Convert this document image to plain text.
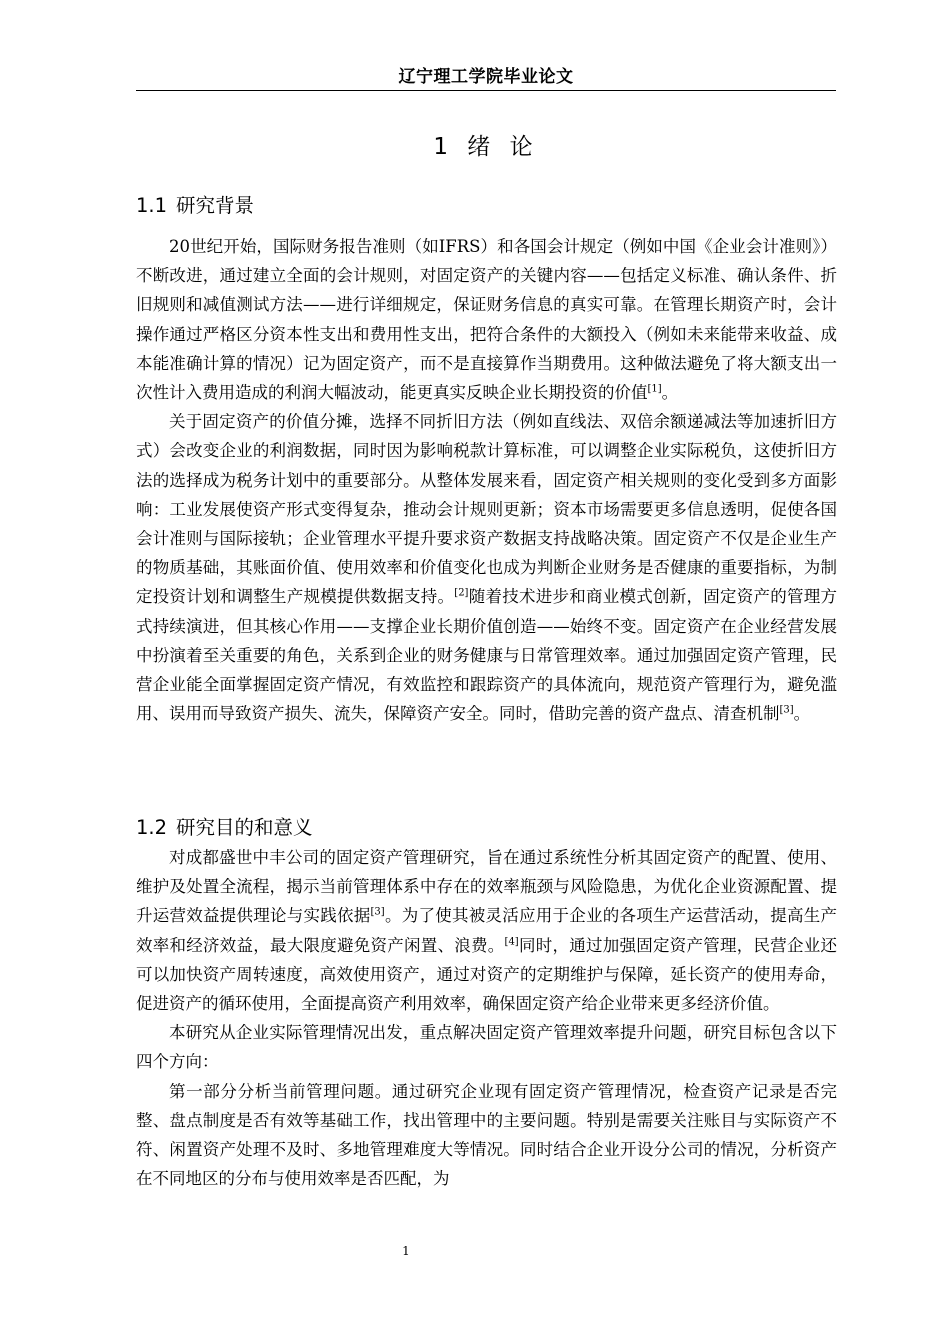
辽宁理工学院毕业论文
1 绪 论
1.1 研究背景

20世纪开始，国际财务报告准则（如IFRS）和各国会计规定（例如中国《企业会计准则》）不断改进，通过建立全面的会计规则，对固定资产的关键内容——包括定义标准、确认条件、折旧规则和减值测试方法——进行详细规定，保证财务信息的真实可靠。在管理长期资产时，会计操作通过严格区分资本性支出和费用性支出，把符合条件的大额投入（例如未来能带来收益、成本能准确计算的情况）记为固定资产，而不是直接算作当期费用。这种做法避免了将大额支出一次性计入费用造成的利润大幅波动，能更真实反映企业长期投资的价值[1]。

关于固定资产的价值分摊，选择不同折旧方法（例如直线法、双倍余额递减法等加速折旧方式）会改变企业的利润数据，同时因为影响税款计算标准，可以调整企业实际税负，这使折旧方法的选择成为税务计划中的重要部分。从整体发展来看，固定资产相关规则的变化受到多方面影响：工业发展使资产形式变得复杂，推动会计规则更新；资本市场需要更多信息透明，促使各国会计准则与国际接轨；企业管理水平提升要求资产数据支持战略决策。固定资产不仅是企业生产的物质基础，其账面价值、使用效率和价值变化也成为判断企业财务是否健康的重要指标，为制定投资计划和调整生产规模提供数据支持。[2]随着技术进步和商业模式创新，固定资产的管理方式持续演进，但其核心作用——支撑企业长期价值创造——始终不变。固定资产在企业经营发展中扮演着至关重要的角色，关系到企业的财务健康与日常管理效率。通过加强固定资产管理，民营企业能全面掌握固定资产情况，有效监控和跟踪资产的具体流向，规范资产管理行为，避免滥用、误用而导致资产损失、流失，保障资产安全。同时，借助完善的资产盘点、清查机制[3]。

1.2 研究目的和意义

对成都盛世中丰公司的固定资产管理研究，旨在通过系统性分析其固定资产的配置、使用、维护及处置全流程，揭示当前管理体系中存在的效率瓶颈与风险隐患，为优化企业资源配置、提升运营效益提供理论与实践依据[3]。为了使其被灵活应用于企业的各项生产运营活动，提高生产效率和经济效益，最大限度避免资产闲置、浪费。[4]同时，通过加强固定资产管理，民营企业还可以加快资产周转速度，高效使用资产，通过对资产的定期维护与保障，延长资产的使用寿命，促进资产的循环使用，全面提高资产利用效率，确保固定资产给企业带来更多经济价值。

本研究从企业实际管理情况出发，重点解决固定资产管理效率提升问题，研究目标包含以下四个方向：

第一部分分析当前管理问题。通过研究企业现有固定资产管理情况，检查资产记录是否完整、盘点制度是否有效等基础工作，找出管理中的主要问题。特别是需要关注账目与实际资产不符、闲置资产处理不及时、多地管理难度大等情况。同时结合企业开设分公司的情况，分析资产在不同地区的分布与使用效率是否匹配，为

1
